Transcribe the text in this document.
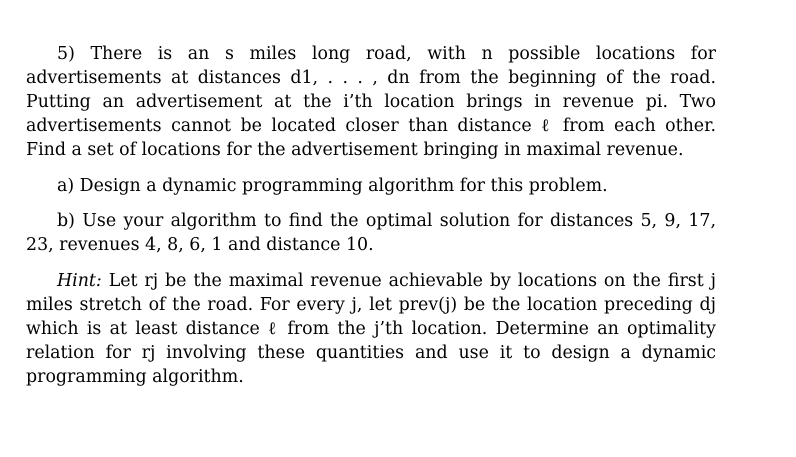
5) There is an s miles long road, with n possible locations for advertisements at distances d1, . . . , dn from the beginning of the road. Putting an advertisement at the i’th location brings in revenue pi. Two advertisements cannot be located closer than distance ℓ from each other. Find a set of locations for the advertisement bringing in maximal revenue.

a) Design a dynamic programming algorithm for this problem.

b) Use your algorithm to find the optimal solution for distances 5, 9, 17, 23, revenues 4, 8, 6, 1 and distance 10.

Hint: Let rj be the maximal revenue achievable by locations on the first j miles stretch of the road. For every j, let prev(j) be the location preceding dj which is at least distance ℓ from the j’th location. Determine an optimality relation for rj involving these quantities and use it to design a dynamic programming algorithm.
